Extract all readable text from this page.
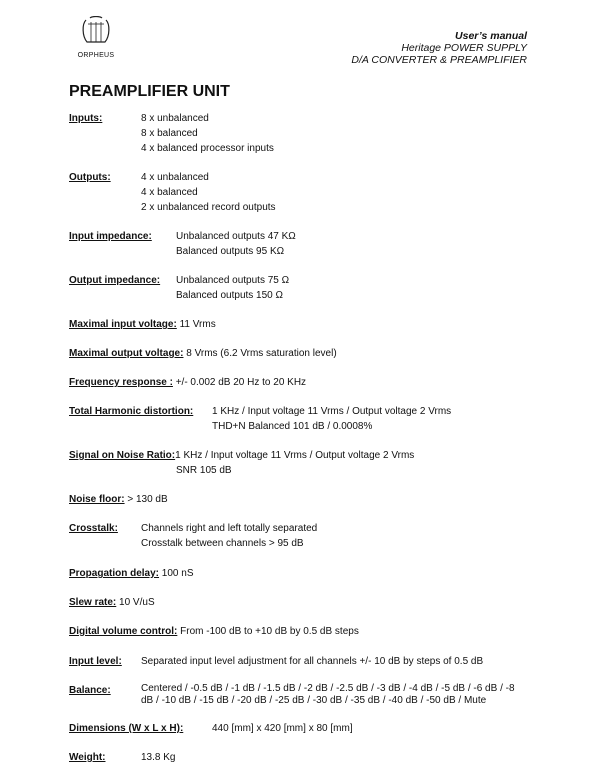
ORPHEUS
User’s manual
Heritage POWER SUPPLY
D/A CONVERTER & PREAMPLIFIER
PREAMPLIFIER UNIT
Inputs:	8 x unbalanced
8 x balanced
4 x balanced processor inputs
Outputs:	4 x unbalanced
4 x balanced
2 x unbalanced record outputs
Input impedance: Unbalanced outputs 47 KΩ
Balanced outputs 95 KΩ
Output impedance: Unbalanced outputs 75 Ω
Balanced outputs 150 Ω
Maximal input voltage: 11 Vrms
Maximal output voltage: 8 Vrms (6.2 Vrms saturation level)
Frequency response : +/- 0.002 dB 20 Hz to 20 KHz
Total Harmonic distortion: 1 KHz / Input voltage 11 Vrms / Output voltage 2 Vrms
THD+N Balanced 101 dB / 0.0008%
Signal on Noise Ratio:1 KHz / Input voltage 11 Vrms / Output voltage 2 Vrms
SNR 105 dB
Noise floor: > 130 dB
Crosstalk: Channels right and left totally separated
Crosstalk between channels > 95 dB
Propagation delay: 100 nS
Slew rate: 10 V/uS
Digital volume control: From -100 dB to +10 dB by 0.5 dB steps
Input level: Separated input level adjustment for all channels +/- 10 dB by steps of 0.5 dB
Balance:	Centered / -0.5 dB / -1 dB / -1.5 dB / -2 dB / -2.5 dB / -3 dB / -4 dB / -5 dB / -6 dB / -8 dB / -10 dB / -15 dB / -20 dB / -25 dB / -30 dB / -35 dB / -40 dB / -50 dB / Mute
Dimensions (W x L x H):	440 [mm] x 420 [mm] x 80 [mm]
Weight:	13.8 Kg
